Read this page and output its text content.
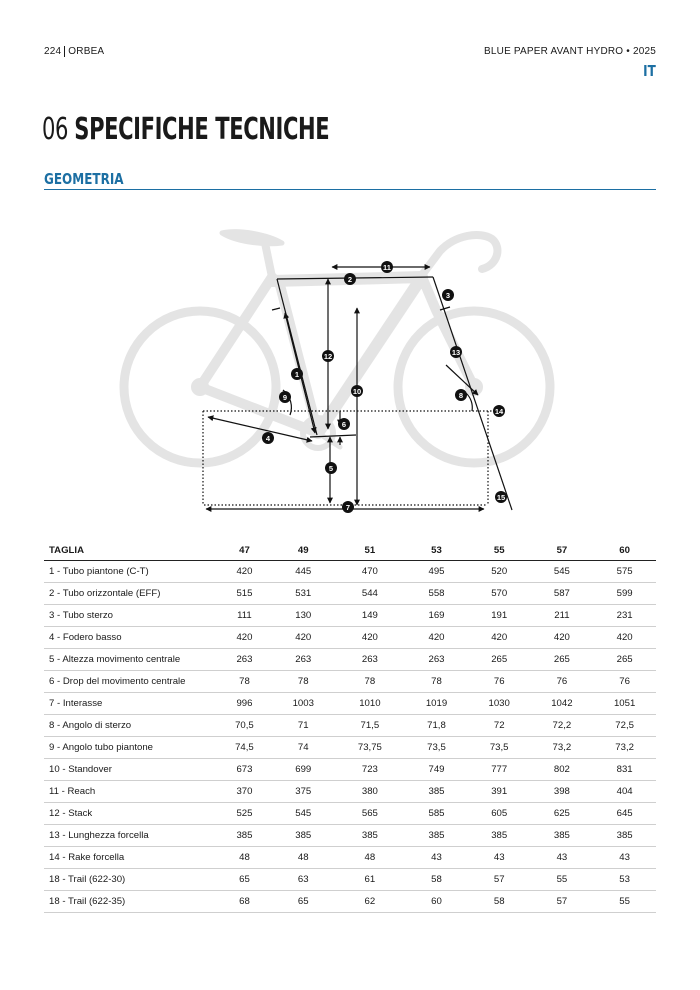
224 ORBEA	BLUE PAPER AVANT HYDRO • 2025
IT
06 SPECIFICHE TECNICHE
GEOMETRIA
1
2
3
4
5
6
7
8
9
10
11
12	13
14
15
TAGLIA	47	49	51	53	55	57	60
1 - Tubo piantone (C-T)	420	445	470	495	520	545	575
2 - Tubo orizzontale (EFF)	515	531	544	558	570	587	599
3 - Tubo sterzo	111	130	149	169	191	211	231
4 - Fodero basso	420	420	420	420	420	420	420
5 - Altezza movimento centrale	263	263	263	263	265	265	265
6 - Drop del movimento centrale	78	78	78	78	76	76	76
7 - Interasse	996	1003	1010	1019	1030	1042	1051
8 - Angolo di sterzo	70,5	71	71,5	71,8	72	72,2	72,5
9 - Angolo tubo piantone	74,5	74	73,75	73,5	73,5	73,2	73,2
10 - Standover	673	699	723	749	777	802	831
11 - Reach	370	375	380	385	391	398	404
12 - Stack	525	545	565	585	605	625	645
13 - Lunghezza forcella	385	385	385	385	385	385	385
14 - Rake forcella	48	48	48	43	43	43	43
18 - Trail (622-30)	65	63	61	58	57	55	53
18 - Trail (622-35)	68	65	62	60	58	57	55
